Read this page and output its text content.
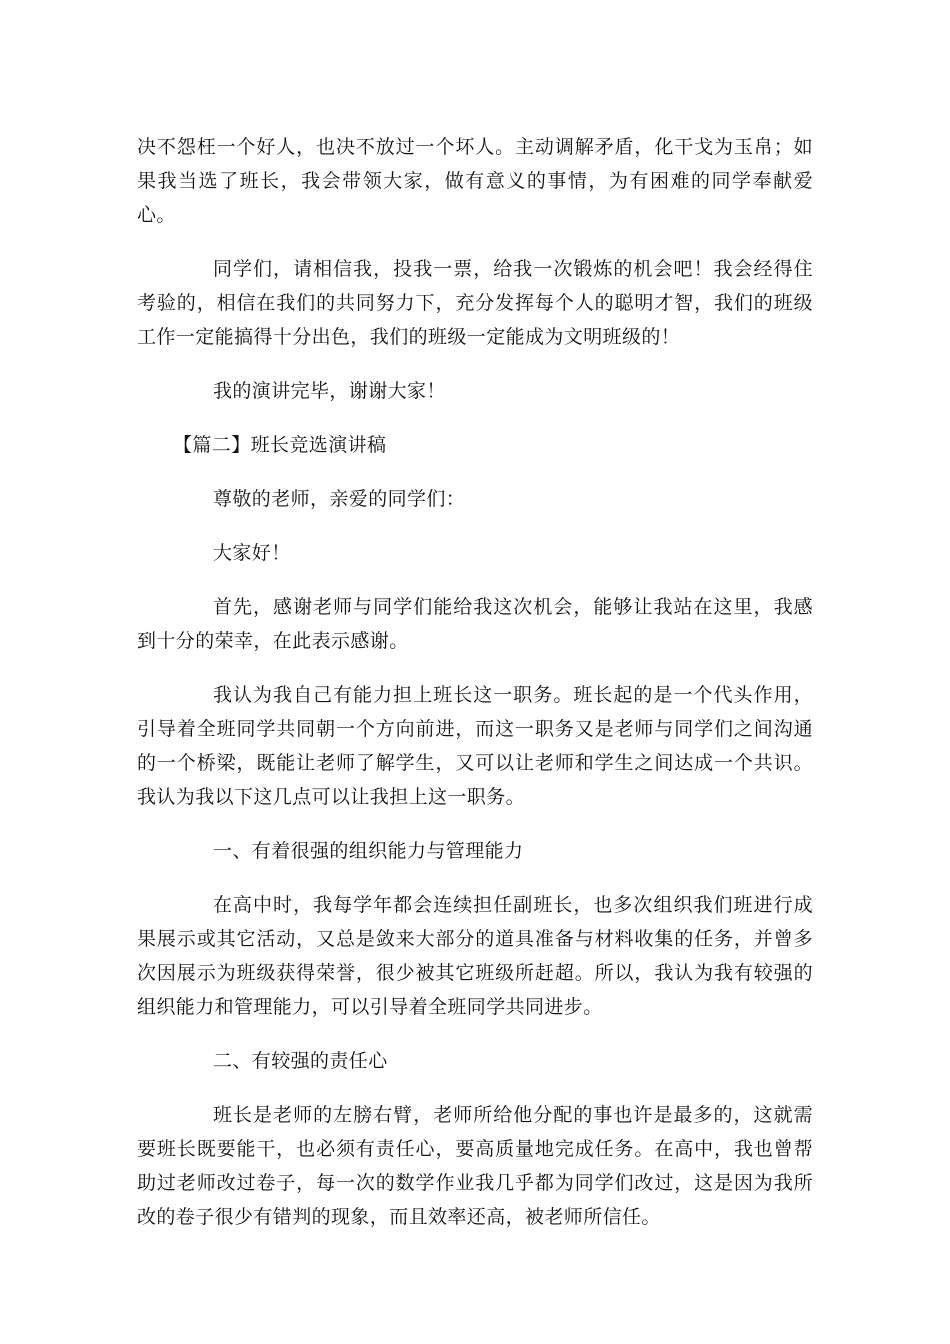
决不怨枉一个好人，也决不放过一个坏人。主动调解矛盾，化干戈为玉帛；如果我当选了班长，我会带领大家，做有意义的事情，为有困难的同学奉献爱心。

同学们，请相信我，投我一票，给我一次锻炼的机会吧！我会经得住考验的，相信在我们的共同努力下，充分发挥每个人的聪明才智，我们的班级工作一定能搞得十分出色，我们的班级一定能成为文明班级的！

我的演讲完毕，谢谢大家！

【篇二】班长竞选演讲稿

尊敬的老师，亲爱的同学们：

大家好！

首先，感谢老师与同学们能给我这次机会，能够让我站在这里，我感到十分的荣幸，在此表示感谢。

我认为我自己有能力担上班长这一职务。班长起的是一个代头作用，引导着全班同学共同朝一个方向前进，而这一职务又是老师与同学们之间沟通的一个桥梁，既能让老师了解学生，又可以让老师和学生之间达成一个共识。我认为我以下这几点可以让我担上这一职务。

一、有着很强的组织能力与管理能力

在高中时，我每学年都会连续担任副班长，也多次组织我们班进行成果展示或其它活动，又总是敛来大部分的道具准备与材料收集的任务，并曾多次因展示为班级获得荣誉，很少被其它班级所赶超。所以，我认为我有较强的组织能力和管理能力，可以引导着全班同学共同进步。

二、有较强的责任心

班长是老师的左膀右臂，老师所给他分配的事也许是最多的，这就需要班长既要能干，也必须有责任心，要高质量地完成任务。在高中，我也曾帮助过老师改过卷子，每一次的数学作业我几乎都为同学们改过，这是因为我所改的卷子很少有错判的现象，而且效率还高，被老师所信任。
